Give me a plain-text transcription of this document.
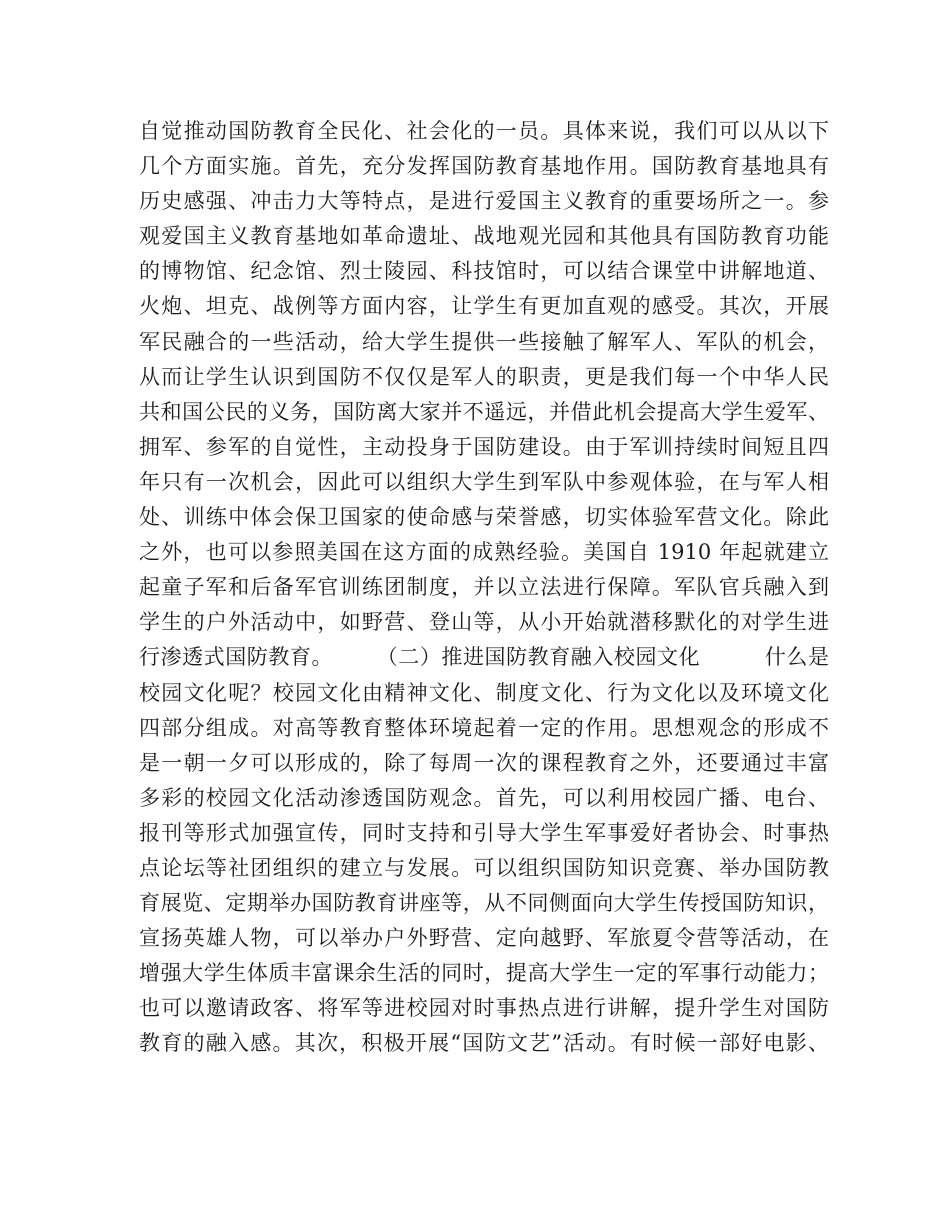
自觉推动国防教育全民化、社会化的一员。具体来说，我们可以从以下
几个方面实施。首先，充分发挥国防教育基地作用。国防教育基地具有
历史感强、冲击力大等特点，是进行爱国主义教育的重要场所之一。参
观爱国主义教育基地如革命遗址、战地观光园和其他具有国防教育功能
的博物馆、纪念馆、烈士陵园、科技馆时，可以结合课堂中讲解地道、
火炮、坦克、战例等方面内容，让学生有更加直观的感受。其次，开展
军民融合的一些活动，给大学生提供一些接触了解军人、军队的机会，
从而让学生认识到国防不仅仅是军人的职责，更是我们每一个中华人民
共和国公民的义务，国防离大家并不遥远，并借此机会提高大学生爱军、
拥军、参军的自觉性，主动投身于国防建设。由于军训持续时间短且四
年只有一次机会，因此可以组织大学生到军队中参观体验，在与军人相
处、训练中体会保卫国家的使命感与荣誉感，切实体验军营文化。除此
之外，也可以参照美国在这方面的成熟经验。美国自 1910 年起就建立
起童子军和后备军官训练团制度，并以立法进行保障。军队官兵融入到
学生的户外活动中，如野营、登山等，从小开始就潜移默化的对学生进
行渗透式国防教育。　　　（二）推进国防教育融入校园文化　　　什么是
校园文化呢？校园文化由精神文化、制度文化、行为文化以及环境文化
四部分组成。对高等教育整体环境起着一定的作用。思想观念的形成不
是一朝一夕可以形成的，除了每周一次的课程教育之外，还要通过丰富
多彩的校园文化活动渗透国防观念。首先，可以利用校园广播、电台、
报刊等形式加强宣传，同时支持和引导大学生军事爱好者协会、时事热
点论坛等社团组织的建立与发展。可以组织国防知识竞赛、举办国防教
育展览、定期举办国防教育讲座等，从不同侧面向大学生传授国防知识，
宣扬英雄人物，可以举办户外野营、定向越野、军旅夏令营等活动，在
增强大学生体质丰富课余生活的同时，提高大学生一定的军事行动能力；
也可以邀请政客、将军等进校园对时事热点进行讲解，提升学生对国防
教育的融入感。其次，积极开展“国防文艺”活动。有时候一部好电影、
